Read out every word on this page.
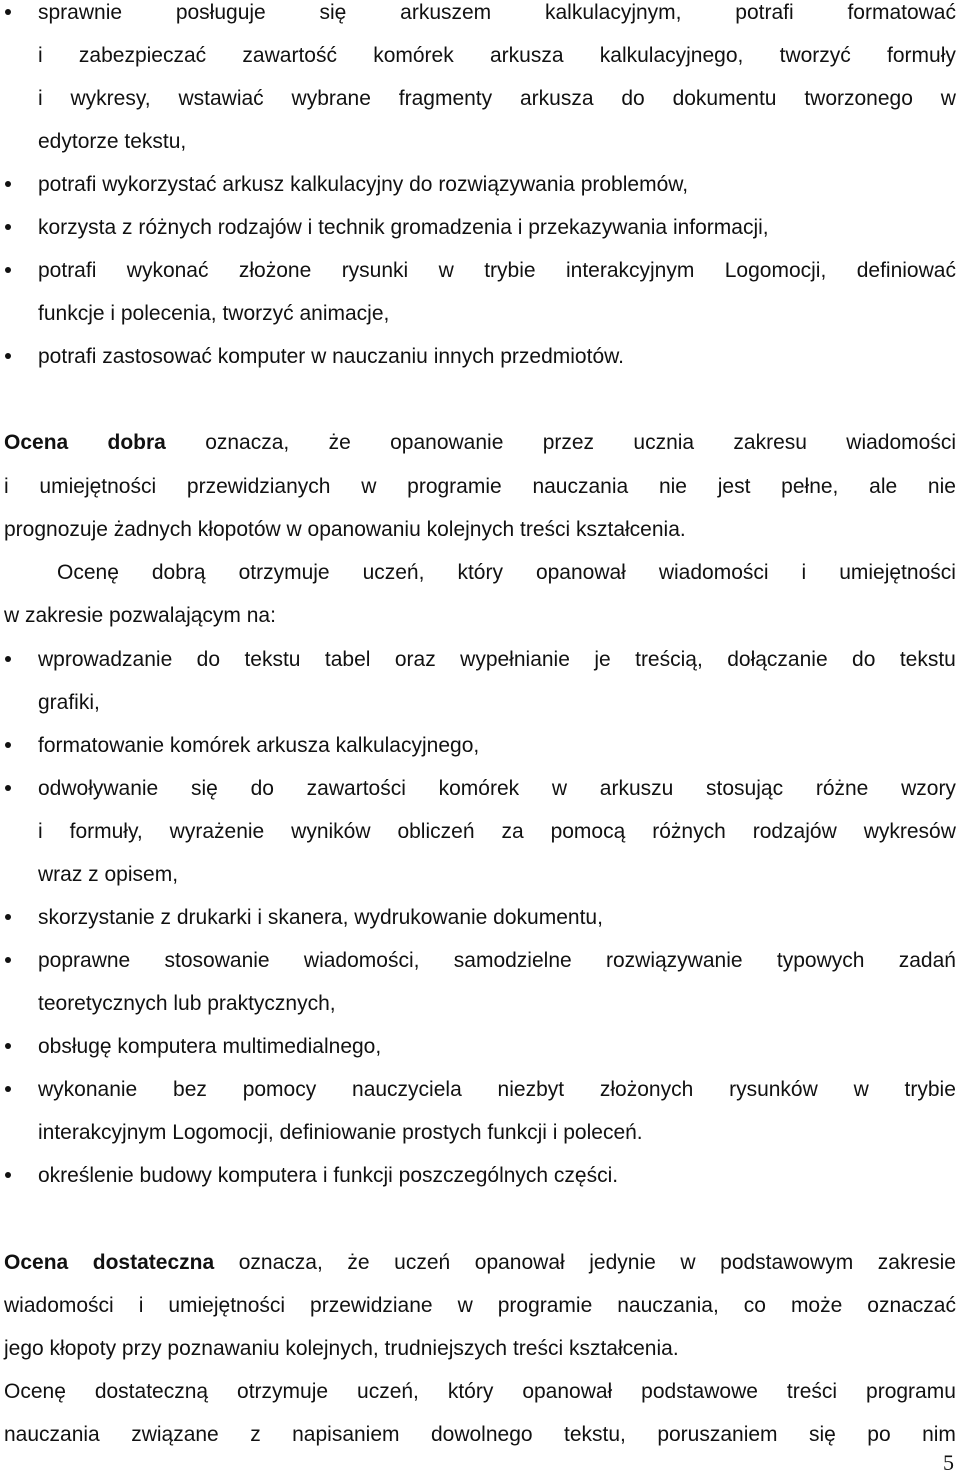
sprawnie	posługuje	się	arkuszem	kalkulacyjnym,	potrafi	formatować
i zabezpieczać zawartość komórek arkusza kalkulacyjnego, tworzyć formuły
i wykresy, wstawiać wybrane fragmenty arkusza do dokumentu tworzonego w
edytorze tekstu,
potrafi wykorzystać arkusz kalkulacyjny do rozwiązywania problemów,
korzysta z różnych rodzajów i technik gromadzenia i przekazywania informacji,
potrafi wykonać złożone rysunki w trybie interakcyjnym Logomocji, definiować
funkcje i polecenia, tworzyć animacje,
potrafi zastosować komputer w nauczaniu innych przedmiotów.
Ocena dobra oznacza, że opanowanie przez ucznia zakresu wiadomości
i umiejętności przewidzianych w programie nauczania nie jest pełne, ale nie
prognozuje żadnych kłopotów w opanowaniu kolejnych treści kształcenia.
Ocenę dobrą otrzymuje uczeń, który opanował wiadomości i umiejętności
w zakresie pozwalającym na:
wprowadzanie do tekstu tabel oraz wypełnianie je treścią, dołączanie do tekstu
grafiki,
formatowanie komórek arkusza kalkulacyjnego,
odwoływanie się do zawartości komórek w arkuszu stosując różne wzory
i formuły, wyrażenie wyników obliczeń za pomocą różnych rodzajów wykresów
wraz z opisem,
skorzystanie z drukarki i skanera, wydrukowanie dokumentu,
poprawne stosowanie wiadomości, samodzielne rozwiązywanie typowych zadań
teoretycznych lub praktycznych,
obsługę komputera multimedialnego,
wykonanie bez pomocy nauczyciela niezbyt złożonych rysunków w trybie
interakcyjnym Logomocji, definiowanie prostych funkcji i poleceń.
określenie budowy komputera i funkcji poszczególnych części.
Ocena dostateczna oznacza, że uczeń opanował jedynie w podstawowym zakresie
wiadomości i umiejętności przewidziane w programie nauczania, co może oznaczać
jego kłopoty przy poznawaniu kolejnych, trudniejszych treści kształcenia.
Ocenę dostateczną otrzymuje uczeń, który opanował podstawowe treści programu
nauczania związane z napisaniem dowolnego tekstu, poruszaniem się po nim
5
